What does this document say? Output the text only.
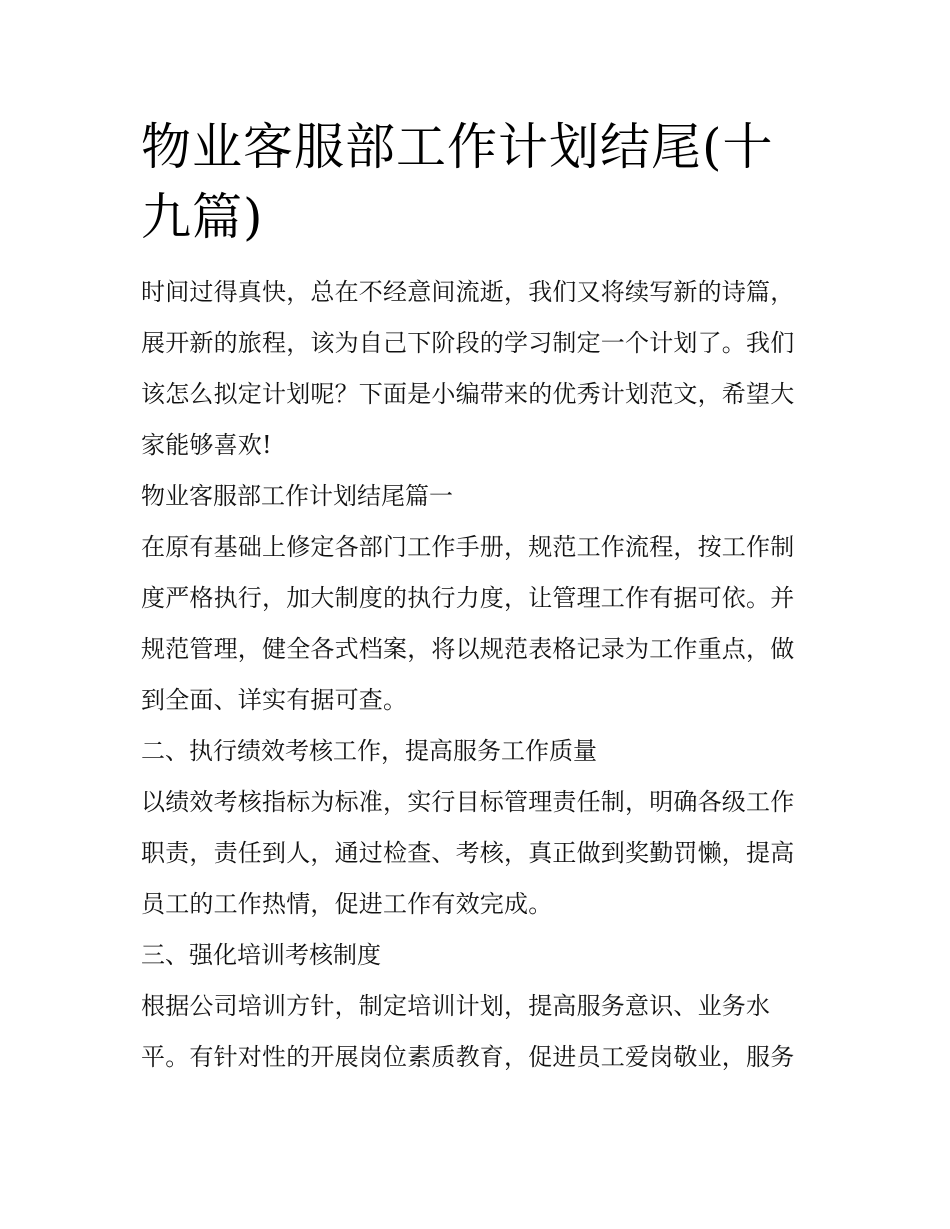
物业客服部工作计划结尾(十九篇)

时间过得真快，总在不经意间流逝，我们又将续写新的诗篇，展开新的旅程，该为自己下阶段的学习制定一个计划了。我们该怎么拟定计划呢？下面是小编带来的优秀计划范文，希望大家能够喜欢!

物业客服部工作计划结尾篇一

在原有基础上修定各部门工作手册，规范工作流程，按工作制度严格执行，加大制度的执行力度，让管理工作有据可依。并规范管理，健全各式档案，将以规范表格记录为工作重点，做到全面、详实有据可查。

二、执行绩效考核工作，提高服务工作质量

以绩效考核指标为标准，实行目标管理责任制，明确各级工作职责，责任到人，通过检查、考核，真正做到奖勤罚懒，提高员工的工作热情，促进工作有效完成。

三、强化培训考核制度

根据公司培训方针，制定培训计划，提高服务意识、业务水平。有针对性的开展岗位素质教育，促进员工爱岗敬业，服务
